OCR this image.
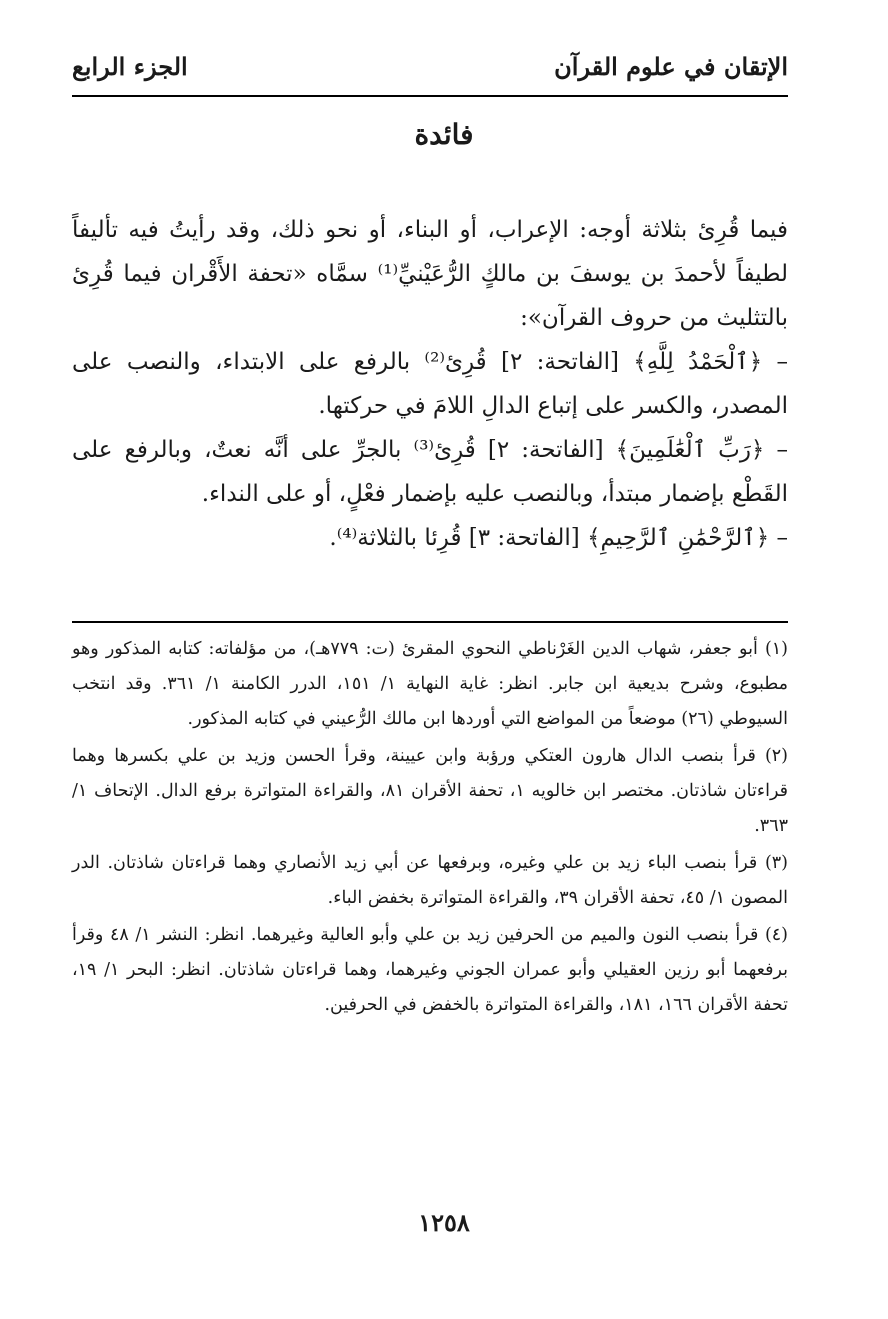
الإتقان في علوم القرآن
الجزء الرابع
فائدة

فيما قُرِئ بثلاثة أوجه: الإعراب، أو البناء، أو نحو ذلك، وقد رأيتُ فيه تأليفاً لطيفاً لأحمدَ بن يوسفَ بن مالكٍ الرُّعَيْنيِّ⁽¹⁾ سمَّاه «تحفة الأَقْران فيما قُرِئ بالتثليث من حروف القرآن»:

– ﴿ٱلْحَمْدُ لِلَّهِ﴾ [الفاتحة: ٢] قُرِئ⁽²⁾ بالرفع على الابتداء، والنصب على المصدر، والكسر على إتباع الدالِ اللامَ في حركتها.

– ﴿رَبِّ ٱلْعَٰلَمِينَ﴾ [الفاتحة: ٢] قُرِئ⁽³⁾ بالجرِّ على أنَّه نعتٌ، وبالرفع على القَطْع بإضمار مبتدأ، وبالنصب عليه بإضمار فعْلٍ، أو على النداء.

– ﴿ٱلرَّحْمَٰنِ ٱلرَّحِيمِ﴾ [الفاتحة: ٣] قُرِئا بالثلاثة⁽⁴⁾.

(١) أبو جعفر، شهاب الدين الغَرْناطي النحوي المقرئ (ت: ٧٧٩هـ)، من مؤلفاته: كتابه المذكور وهو مطبوع، وشرح بديعية ابن جابر. انظر: غاية النهاية ١/ ١٥١، الدرر الكامنة ١/ ٣٦١. وقد انتخب السيوطي (٢٦) موضعاً من المواضع التي أوردها ابن مالك الرُّعيني في كتابه المذكور.

(٢) قرأ بنصب الدال هارون العتكي ورؤبة وابن عيينة، وقرأ الحسن وزيد بن علي بكسرها وهما قراءتان شاذتان. مختصر ابن خالويه ١، تحفة الأقران ٨١، والقراءة المتواترة برفع الدال. الإتحاف ١/ ٣٦٣.

(٣) قرأ بنصب الباء زيد بن علي وغيره، وبرفعها عن أبي زيد الأنصاري وهما قراءتان شاذتان. الدر المصون ١/ ٤٥، تحفة الأقران ٣٩، والقراءة المتواترة بخفض الباء.

(٤) قرأ بنصب النون والميم من الحرفين زيد بن علي وأبو العالية وغيرهما. انظر: النشر ١/ ٤٨ وقرأ برفعهما أبو رزين العقيلي وأبو عمران الجوني وغيرهما، وهما قراءتان شاذتان. انظر: البحر ١/ ١٩، تحفة الأقران ١٦٦، ١٨١، والقراءة المتواترة بالخفض في الحرفين.

١٢٥٨
